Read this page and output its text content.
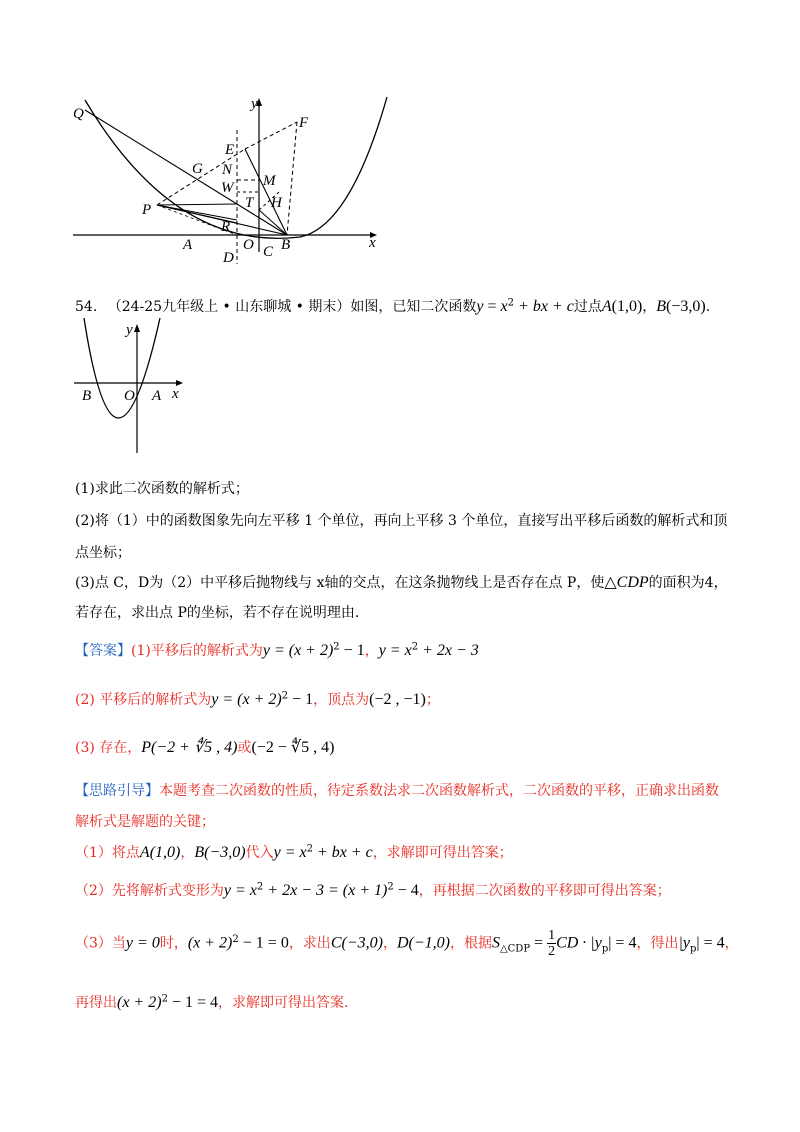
Q
y
F
E
G N
M
W
P	T H
R
A	O C B
D
x
54. （24-25九年级上 • 山东聊城 • 期末）如图，已知二次函数$y = x^2$ + bx + c过点A(1,0)，B(−3,0).
y
B O A x
(1)求此二次函数的解析式；
(2)将（1）中的函数图象先向左平移 1 个单位，再向上平移 3 个单位，直接写出平移后函数的解析式和顶
点坐标；
(3)点 C，D为（2）中平移后抛物线与 x轴的交点，在这条抛物线上是否存在点 P，使△CDP的面积为4，
若存在，求出点 P的坐标，若不存在说明理由.
【答案】(1)平移后的解析式为$y = (x + 2)^2 - 1$，$y = x^2 + 2x - 3$
(2) 平移后的解析式为$y = (x + 2)^2 - 1$，顶点为(−2 , −1)；
(3) 存在，P(−2 + ∜5 , 4)或(−2 − ∜5 , 4)
【思路引导】本题考查二次函数的性质，待定系数法求二次函数解析式，二次函数的平移，正确求出函数
解析式是解题的关键；
（1）将点A(1,0)，B(−3,0)代入$y = x^2$ + bx + c，求解即可得出答案；
（2）先将解析式变形为$y = x^2 + 2x - 3 = (x + 1)^2 - 4$，再根据二次函数的平移即可得出答案；
（3）当y = 0时，$(x + 2)^2 - 1 = 0$，求出C(−3,0)，D(−1,0)，根据$S_{\triangle CDP} = \frac{1}{2}$ CD · $|y_p| = 4$，得出$|y_p| = 4$，
再得出$(x + 2)^2 - 1 = 4$，求解即可得出答案.
